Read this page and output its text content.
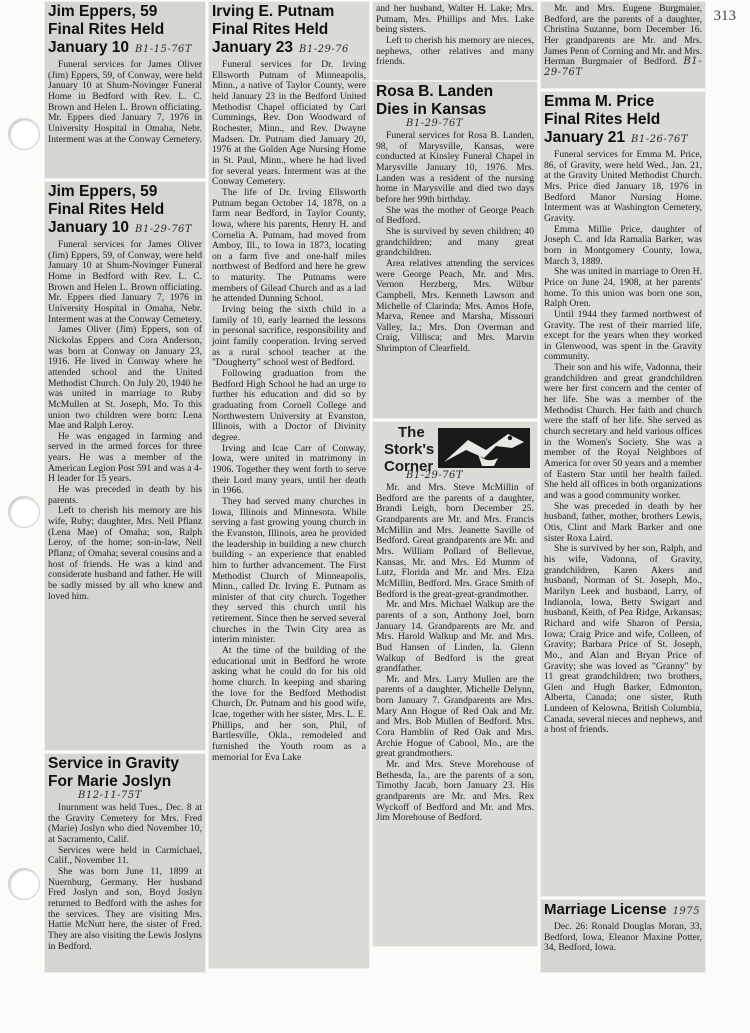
313
Jim Eppers, 59
Final Rites Held
January 10 B1-15-76T

Funeral services for James Oliver (Jim) Eppers, 59, of Conway, were held January 10 at Shum-Novinger Funeral Home in Bedford with Rev. L. C. Brown and Helen L. Brown officiating. Mr. Eppers died January 7, 1976 in University Hospital in Omaha, Nebr. Interment was at the Conway Cemetery.

Jim Eppers, 59
Final Rites Held
January 10 B1-29-76T

Funeral services for James Oliver (Jim) Eppers, 59, of Conway, were held January 10 at Shum-Novinger Funeral Home in Bedford with Rev. L. C. Brown and Helen L. Brown officiating. Mr. Eppers died January 7, 1976 in University Hospital in Omaha, Nebr. Interment was at the Conway Cemetery.

James Oliver (Jim) Eppers, son of Nickolas Eppers and Cora Anderson, was born at Conway on January 23, 1916. He lived in Conway where he attended school and the United Methodist Church. On July 20, 1940 he was united in marriage to Ruby McMullen at St. Joseph, Mo. To this union two children were born: Lena Mae and Ralph Leroy.

He was engaged in farming and served in the armed forces for three years. He was a member of the American Legion Post 591 and was a 4-H leader for 15 years.

He was preceded in death by his parents.

Left to cherish his memory are his wife, Ruby; daughter, Mrs. Neil Pflanz (Lena Mae) of Omaha; son, Ralph Leroy, of the home; son-in-law, Neil Pflanz; of Omaha; several cousins and a host of friends. He was a kind and considerate husband and father. He will be sadly missed by all who knew and loved him.

Service in Gravity
For Marie Joslyn
B12-11-75T

Inurnment was held Tues., Dec. 8 at the Gravity Cemetery for Mrs. Fred (Marie) Joslyn who died November 10, at Sacramento, Calif.

Services were held in Carmichael, Calif., November 11.

She was born June 11, 1899 at Nuernburg, Germany. Her husband Fred Joslyn and son, Boyd Joslyn returned to Bedford with the ashes for the services. They are visiting Mrs. Hattie McNutt here, the sister of Fred. They are also visiting the Lewis Joslyns in Bedford.

Irving E. Putnam
Final Rites Held
January 23 B1-29-76

Funeral services for Dr. Irving Ellsworth Putnam of Minneapolis, Minn., a native of Taylor County, were held January 23 in the Bedford United Methodist Chapel officiated by Carl Cummings, Rev. Don Woodward of Rochester, Minn., and Rev. Dwayne Madsen. Dr. Putnam died January 20, 1976 at the Golden Age Nursing Home in St. Paul, Minn., where he had lived for several years. Interment was at the Conway Cemetery.

The life of Dr. Irving Ellsworth Putnam began October 14, 1878, on a farm near Bedford, in Taylor County, Iowa, where his parents, Henry H. and Cornelia A. Putnam, had moved from Amboy, Ill., to Iowa in 1873, locating on a farm five and one-half miles northwest of Bedford and here he grew to maturity. The Putnams were members of Gilead Church and as a lad he attended Dunning School.

Irving being the sixth child in a family of 10, early learned the lessons in personal sacrifice, responsibility and joint family cooperation. Irving served as a rural school teacher at the "Dougherty" school west of Bedford.

Following graduation from the Bedford High School he had an urge to further his education and did so by graduating from Cornell College and Northwestern University at Evanston, Illinois, with a Doctor of Divinity degree.

Irving and Icae Carr of Conway, Iowa, were united in matrimony in 1906. Together they went forth to serve their Lord many years, until her death in 1966.

They had served many churches in Iowa, Illinois and Minnesota. While serving a fast growing young church in the Evanston, Illinois, area he provided the leadership in building a new church building - an experience that enabled him to further advancement. The First Methodist Church of Minneapolis, Minn., called Dr. Irving E. Putnam as minister of that city church. Together they served this church until his retirement. Since then he served several churches in the Twin City area as interim minister.

At the time of the building of the educational unit in Bedford he wrote asking what he could do for his old home church. In keeping and sharing the love for the Bedford Methodist Church, Dr. Putnam and his good wife, Icae, together with her sister, Mrs. L. E. Phillips, and her son, Phil, of Bartlesville, Okla., remodeled and furnished the Youth room as a memorial for Eva Lake

and her husband, Walter H. Lake; Mrs. Putnam, Mrs. Phillips and Mrs. Lake being sisters.

Left to cherish his memory are nieces, nephews, other relatives and many friends.

Rosa B. Landen
Dies in Kansas
B1-29-76T

Funeral services for Rosa B. Landen, 98, of Marysville, Kansas, were conducted at Kinsley Funeral Chapel in Marysville January 10, 1976. Mrs. Landen was a resident of the nursing home in Marysville and died two days before her 99th birthday.

She was the mother of George Peach of Bedford.

She is survived by seven children; 40 grandchildren; and many great grandchildren.

Area relatives attending the services were George Peach, Mr. and Mrs. Vernon Herzberg, Mrs. Wilbur Campbell, Mrs. Kenneth Lawson and Michelle of Clarinda; Mrs. Amos Hofe, Marva, Renee and Marsha, Missouri Valley, Ia.; Mrs. Don Overman and Craig, Villisca; and Mrs. Marvin Shrimpton of Clearfield.

The
Stork's
Corner
B1-29-76T

Mr. and Mrs. Steve McMillin of Bedford are the parents of a daughter, Brandi Leigh, born December 25. Grandparents are Mr. and Mrs. Francis McMillin and Mrs. Jeanette Saville of Bedford. Great grandparents are Mr. and Mrs. William Pollard of Bellevue, Kansas, Mr. and Mrs. Ed Mumm of Lutz, Florida and Mr. and Mrs. Elza McMillin, Bedford. Mrs. Grace Smith of Bedford is the great-great-grandmother.

Mr. and Mrs. Michael Walkup are the parents of a son, Anthony Joel, born January 14. Grandparents are Mr. and Mrs. Harold Walkup and Mr. and Mrs. Bud Hansen of Linden, Ia. Glenn Walkup of Bedford is the great grandfather.

Mr. and Mrs. Larry Mullen are the parents of a daughter, Michelle Delynn, born January 7. Grandparents are Mrs. Mary Ann Hogue of Red Oak and Mr. and Mrs. Bob Mullen of Bedford. Mrs. Cora Hamblin of Red Oak and Mrs. Archie Hogue of Cabool, Mo., are the great grandmothers.

Mr. and Mrs. Steve Morehouse of Bethesda, Ia., are the parents of a son, Timothy Jacab, born January 23. His grandparents are Mr. and Mrs. Rex Wyckoff of Bedford and Mr. and Mrs. Jim Morehouse of Bedford.

Mr. and Mrs. Eugene Burgmaier, Bedford, are the parents of a daughter, Christina Suzanne, born December 16. Her grandparents are Mr. and Mrs. James Penn of Corning and Mr. and Mrs. Herman Burgmaier of Bedford. B1-29-76T

Emma M. Price
Final Rites Held
January 21 B1-26-76T

Funeral services for Emma M. Price, 86, of Gravity, were held Wed., Jan. 21, at the Gravity United Methodist Church. Mrs. Price died January 18, 1976 in Bedford Manor Nursing Home. Interment was at Washington Cemetery, Gravity.

Emma Millie Price, daughter of Joseph C. and Ida Ramalia Barker, was born in Montgomery County, Iowa, March 3, 1889.

She was united in marriage to Oren H. Price on June 24, 1908, at her parents' home. To this union was born one son, Ralph Oren.

Until 1944 they farmed northwest of Gravity. The rest of their married life, except for the years when they worked in Glenwood, was spent in the Gravity community.

Their son and his wife, Vadonna, their grandchildren and great grandchildren were her first concern and the center of her life. She was a member of the Methodist Church. Her faith and church were the staff of her life. She served as church secretary and held various offices in the Women's Society. She was a member of the Royal Neighbors of America for over 50 years and a member of Eastern Star until her health failed. She held all offices in both organizations and was a good community worker.

She was preceded in death by her husband, father, mother, brothers Lewis, Otis, Clint and Mark Barker and one sister Roxa Laird.

She is survived by her son, Ralph, and his wife, Vadonna, of Gravity, grandchildren, Karen Akers and husband, Norman of St. Joseph, Mo., Marilyn Leek and husband, Larry, of Indianola, Iowa, Betty Swigart and husband, Keith, of Pea Ridge, Arkansas; Richard and wife Sharon of Persia, Iowa; Craig Price and wife, Colleen, of Gravity; Barbara Price of St. Joseph, Mo., and Alan and Bryan Price of Gravity; she was loved as "Granny" by 11 great grandchildren; two brothers, Glen and Hugh Barker, Edmonton, Alberta, Canada; one sister, Ruth Lundeen of Kelowna, British Columbia, Canada, several nieces and nephews, and a host of friends.

Marriage License 1975

Dec. 26: Ronald Douglas Moran, 33, Bedford, Iowa, Eleanor Maxine Potter, 34, Bedford, Iowa.
